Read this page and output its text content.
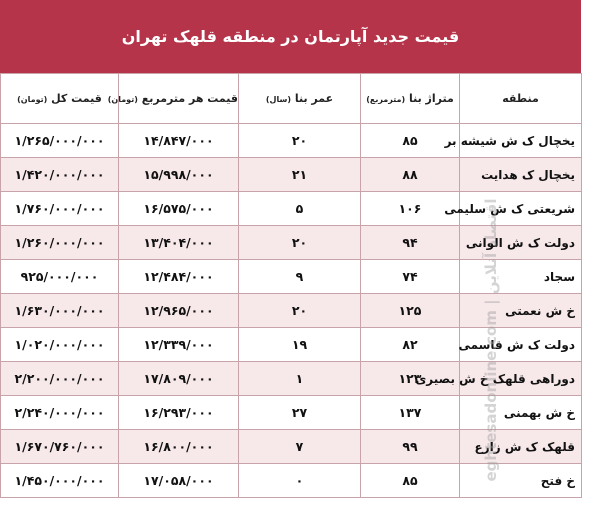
قیمت جدید آپارتمان در منطقه قلهک تهران
منطقه	متراژ بنا (مترمربع)	عمر بنا (سال)	قیمت هر مترمربع (تومان)	قیمت کل (تومان)
یخچال ک ش شیشه بر	۸۵	۲۰	۱۴/۸۴۷/۰۰۰	۱/۲۶۵/۰۰۰/۰۰۰
یخچال ک هدایت	۸۸	۲۱	۱۵/۹۹۸/۰۰۰	۱/۴۲۰/۰۰۰/۰۰۰
شریعتی ک ش سلیمی	۱۰۶	۵	۱۶/۵۷۵/۰۰۰	۱/۷۶۰/۰۰۰/۰۰۰
دولت ک ش الوانی	۹۴	۲۰	۱۳/۴۰۴/۰۰۰	۱/۲۶۰/۰۰۰/۰۰۰
سجاد	۷۴	۹	۱۲/۴۸۴/۰۰۰	۹۲۵/۰۰۰/۰۰۰
خ ش نعمتی	۱۲۵	۲۰	۱۲/۹۶۵/۰۰۰	۱/۶۳۰/۰۰۰/۰۰۰
دولت ک ش قاسمی	۸۲	۱۹	۱۲/۳۳۹/۰۰۰	۱/۰۲۰/۰۰۰/۰۰۰
دوراهی قلهک خ ش بصیری	۱۲۳	۱	۱۷/۸۰۹/۰۰۰	۲/۲۰۰/۰۰۰/۰۰۰
خ ش بهمنی	۱۳۷	۲۷	۱۶/۲۹۳/۰۰۰	۲/۲۴۰/۰۰۰/۰۰۰
قلهک ک ش زارع	۹۹	۷	۱۶/۸۰۰/۰۰۰	۱/۶۷۰/۷۶۰/۰۰۰
خ فتح	۸۵	۰	۱۷/۰۵۸/۰۰۰	۱/۴۵۰/۰۰۰/۰۰۰
